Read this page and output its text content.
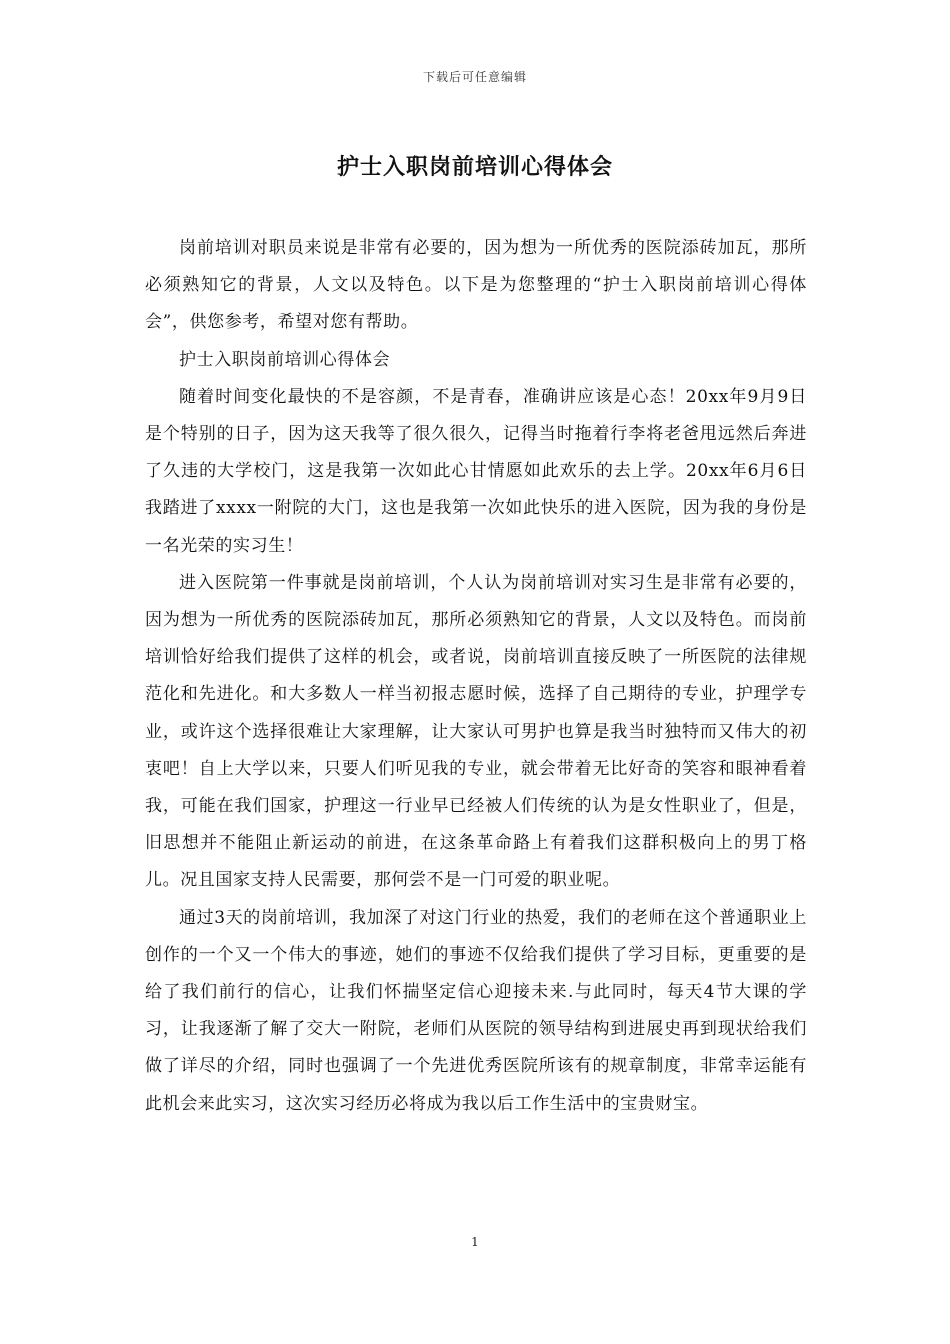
下载后可任意编辑
护士入职岗前培训心得体会

岗前培训对职员来说是非常有必要的，因为想为一所优秀的医院添砖加瓦，那所必须熟知它的背景，人文以及特色。以下是为您整理的“护士入职岗前培训心得体会”，供您参考，希望对您有帮助。

护士入职岗前培训心得体会

随着时间变化最快的不是容颜，不是青春，准确讲应该是心态！20xx年9月9日是个特别的日子，因为这天我等了很久很久，记得当时拖着行李将老爸甩远然后奔进了久违的大学校门，这是我第一次如此心甘情愿如此欢乐的去上学。20xx年6月6日我踏进了xxxx一附院的大门，这也是我第一次如此快乐的进入医院，因为我的身份是一名光荣的实习生！

进入医院第一件事就是岗前培训，个人认为岗前培训对实习生是非常有必要的，因为想为一所优秀的医院添砖加瓦，那所必须熟知它的背景，人文以及特色。而岗前培训恰好给我们提供了这样的机会，或者说，岗前培训直接反映了一所医院的法律规范化和先进化。和大多数人一样当初报志愿时候，选择了自己期待的专业，护理学专业，或许这个选择很难让大家理解，让大家认可男护也算是我当时独特而又伟大的初衷吧！自上大学以来，只要人们听见我的专业，就会带着无比好奇的笑容和眼神看着我，可能在我们国家，护理这一行业早已经被人们传统的认为是女性职业了，但是，旧思想并不能阻止新运动的前进，在这条革命路上有着我们这群积极向上的男丁格儿。况且国家支持人民需要，那何尝不是一门可爱的职业呢。

通过3天的岗前培训，我加深了对这门行业的热爱，我们的老师在这个普通职业上创作的一个又一个伟大的事迹，她们的事迹不仅给我们提供了学习目标，更重要的是给了我们前行的信心，让我们怀揣坚定信心迎接未来.与此同时，每天4节大课的学习，让我逐渐了解了交大一附院，老师们从医院的领导结构到进展史再到现状给我们做了详尽的介绍，同时也强调了一个先进优秀医院所该有的规章制度，非常幸运能有此机会来此实习，这次实习经历必将成为我以后工作生活中的宝贵财宝。

1
